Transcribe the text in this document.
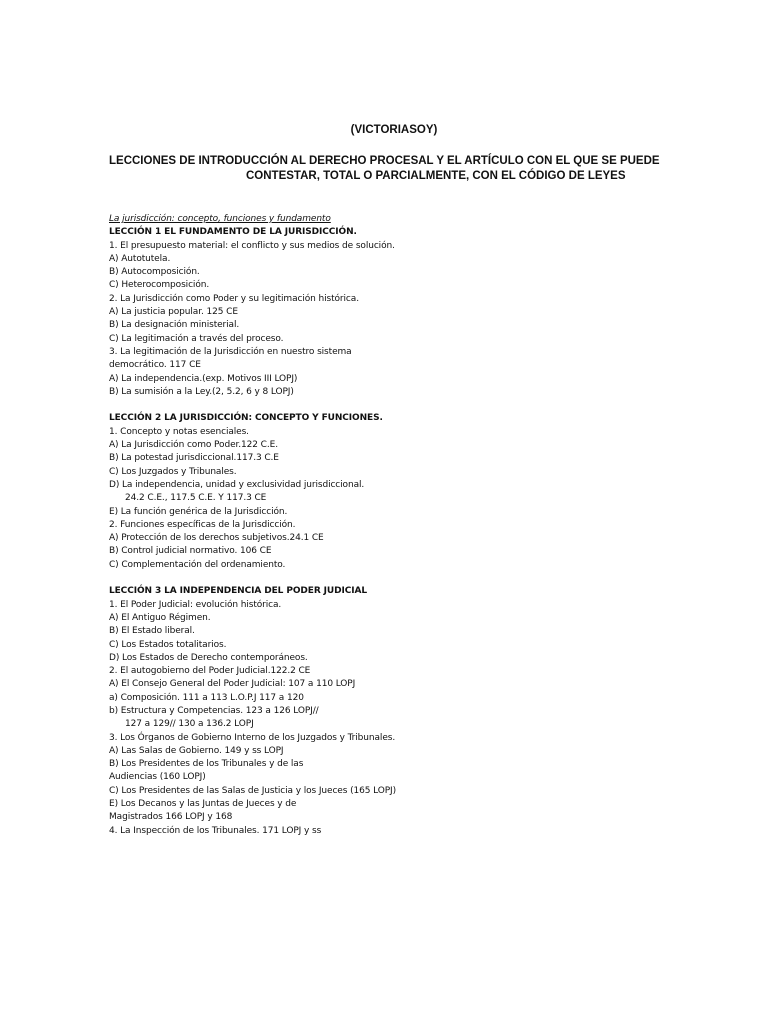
(VICTORIASOY)
LECCIONES DE INTRODUCCIÓN AL DERECHO PROCESAL Y EL ARTÍCULO CON EL QUE SE PUEDE
CONTESTAR, TOTAL O PARCIALMENTE, CON EL CÓDIGO DE LEYES
La jurisdicción: concepto, funciones y fundamento
LECCIÓN 1 EL FUNDAMENTO DE LA JURISDICCIÓN.
1. El presupuesto material: el conflicto y sus medios de solución.
A) Autotutela.
B) Autocomposición.
C) Heterocomposición.
2. La Jurisdicción como Poder y su legitimación histórica.
A) La justicia popular. 125 CE
B) La designación ministerial.
C) La legitimación a través del proceso.
3. La legitimación de la Jurisdicción en nuestro sistema
democrático. 117 CE
A) La independencia.(exp. Motivos III LOPJ)
B) La sumisión a la Ley.(2, 5.2, 6 y 8 LOPJ)
LECCIÓN 2 LA JURISDICCIÓN: CONCEPTO Y FUNCIONES.
1. Concepto y notas esenciales.
A) La Jurisdicción como Poder.122 C.E.
B) La potestad jurisdiccional.117.3 C.E
C) Los Juzgados y Tribunales.
D) La independencia, unidad y exclusividad jurisdiccional.
24.2 C.E., 117.5 C.E. Y 117.3 CE
E) La función genérica de la Jurisdicción.
2. Funciones específicas de la Jurisdicción.
A) Protección de los derechos subjetivos.24.1 CE
B) Control judicial normativo. 106 CE
C) Complementación del ordenamiento.
LECCIÓN 3 LA INDEPENDENCIA DEL PODER JUDICIAL
1. El Poder Judicial: evolución histórica.
A) El Antiguo Régimen.
B) El Estado liberal.
C) Los Estados totalitarios.
D) Los Estados de Derecho contemporáneos.
2. El autogobierno del Poder Judicial.122.2 CE
A) El Consejo General del Poder Judicial: 107 a 110 LOPJ
a) Composición. 111 a 113 L.O.P.J 117 a 120
b) Estructura y Competencias. 123 a 126 LOPJ//
127 a 129// 130 a 136.2 LOPJ
3. Los Órganos de Gobierno Interno de los Juzgados y Tribunales.
A) Las Salas de Gobierno. 149 y ss LOPJ
B) Los Presidentes de los Tribunales y de las
Audiencias (160 LOPJ)
C) Los Presidentes de las Salas de Justicia y los Jueces (165 LOPJ)
E) Los Decanos y las Juntas de Jueces y de
Magistrados 166 LOPJ y 168
4. La Inspección de los Tribunales. 171 LOPJ y ss
